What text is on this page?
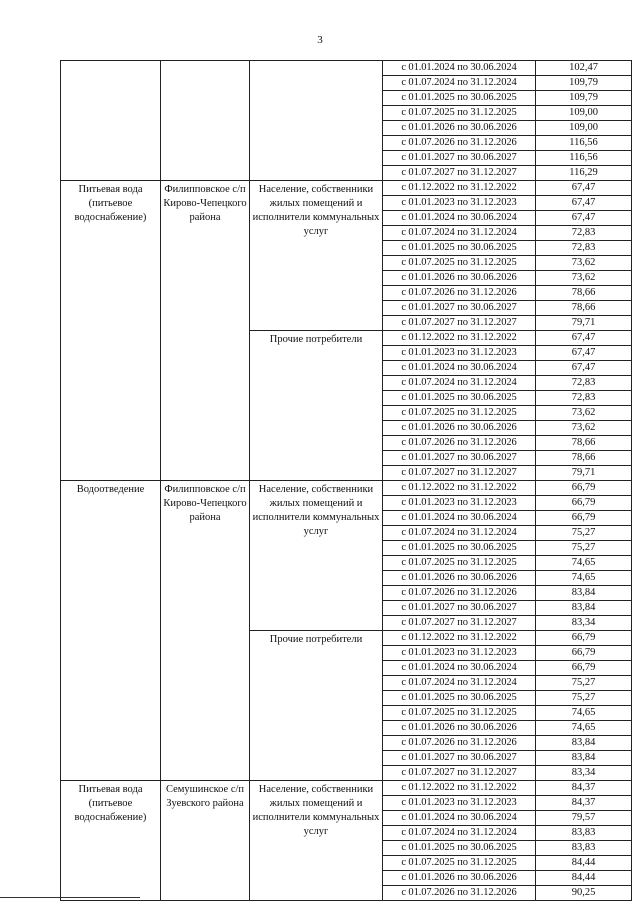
3
			с 01.01.2024 по 30.06.2024	102,47
			с 01.07.2024 по 31.12.2024	109,79
			с 01.01.2025 по 30.06.2025	109,79
			с 01.07.2025 по 31.12.2025	109,00
			с 01.01.2026 по 30.06.2026	109,00
			с 01.07.2026 по 31.12.2026	116,56
			с 01.01.2027 по 30.06.2027	116,56
			с 01.07.2027 по 31.12.2027	116,29
Питьевая вода (питьевое водоснабжение)	Филипповское с/п Кирово-Чепецкого района	Население, собственники жилых помещений и исполнители коммунальных услуг	с 01.12.2022 по 31.12.2022	67,47
			с 01.01.2023 по 31.12.2023	67,47
			с 01.01.2024 по 30.06.2024	67,47
			с 01.07.2024 по 31.12.2024	72,83
			с 01.01.2025 по 30.06.2025	72,83
			с 01.07.2025 по 31.12.2025	73,62
			с 01.01.2026 по 30.06.2026	73,62
			с 01.07.2026 по 31.12.2026	78,66
			с 01.01.2027 по 30.06.2027	78,66
			с 01.07.2027 по 31.12.2027	79,71
		Прочие потребители	с 01.12.2022 по 31.12.2022	67,47
			с 01.01.2023 по 31.12.2023	67,47
			с 01.01.2024 по 30.06.2024	67,47
			с 01.07.2024 по 31.12.2024	72,83
			с 01.01.2025 по 30.06.2025	72,83
			с 01.07.2025 по 31.12.2025	73,62
			с 01.01.2026 по 30.06.2026	73,62
			с 01.07.2026 по 31.12.2026	78,66
			с 01.01.2027 по 30.06.2027	78,66
			с 01.07.2027 по 31.12.2027	79,71
Водоотведение	Филипповское с/п Кирово-Чепецкого района	Население, собственники жилых помещений и исполнители коммунальных услуг	с 01.12.2022 по 31.12.2022	66,79
			с 01.01.2023 по 31.12.2023	66,79
			с 01.01.2024 по 30.06.2024	66,79
			с 01.07.2024 по 31.12.2024	75,27
			с 01.01.2025 по 30.06.2025	75,27
			с 01.07.2025 по 31.12.2025	74,65
			с 01.01.2026 по 30.06.2026	74,65
			с 01.07.2026 по 31.12.2026	83,84
			с 01.01.2027 по 30.06.2027	83,84
			с 01.07.2027 по 31.12.2027	83,34
		Прочие потребители	с 01.12.2022 по 31.12.2022	66,79
			с 01.01.2023 по 31.12.2023	66,79
			с 01.01.2024 по 30.06.2024	66,79
			с 01.07.2024 по 31.12.2024	75,27
			с 01.01.2025 по 30.06.2025	75,27
			с 01.07.2025 по 31.12.2025	74,65
			с 01.01.2026 по 30.06.2026	74,65
			с 01.07.2026 по 31.12.2026	83,84
			с 01.01.2027 по 30.06.2027	83,84
			с 01.07.2027 по 31.12.2027	83,34
Питьевая вода (питьевое водоснабжение)	Семушинское с/п Зуевского района	Население, собственники жилых помещений и исполнители коммунальных услуг	с 01.12.2022 по 31.12.2022	84,37
			с 01.01.2023 по 31.12.2023	84,37
			с 01.01.2024 по 30.06.2024	79,57
			с 01.07.2024 по 31.12.2024	83,83
			с 01.01.2025 по 30.06.2025	83,83
			с 01.07.2025 по 31.12.2025	84,44
			с 01.01.2026 по 30.06.2026	84,44
			с 01.07.2026 по 31.12.2026	90,25
